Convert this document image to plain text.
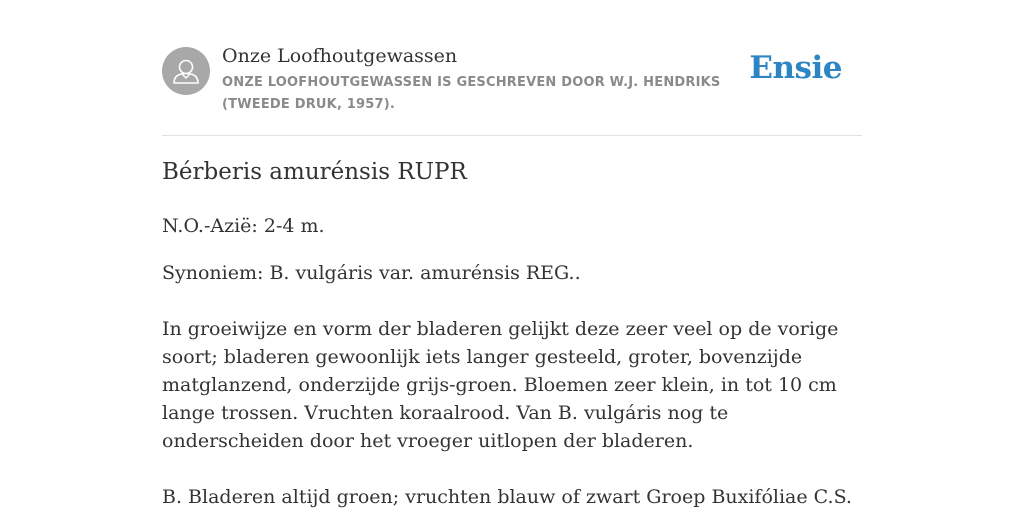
Onze Loofhoutgewassen
ONZE LOOFHOUTGEWASSEN IS GESCHREVEN DOOR W.J. HENDRIKS (TWEEDE DRUK, 1957).
Ensie
Bérberis amurénsis RUPR

N.O.-Azië: 2-4 m.

Synoniem: B. vulgáris var. amurénsis REG..

In groeiwijze en vorm der bladeren gelijkt deze zeer veel op de vorige soort; bladeren gewoonlijk iets langer gesteeld, groter, bovenzijde matglanzend, onderzijde grijs-groen. Bloemen zeer klein, in tot 10 cm lange trossen. Vruchten koraalrood. Van B. vulgáris nog te onderscheiden door het vroeger uitlopen der bladeren.

B. Bladeren altijd groen; vruchten blauw of zwart Groep Buxifóliae C.S.
